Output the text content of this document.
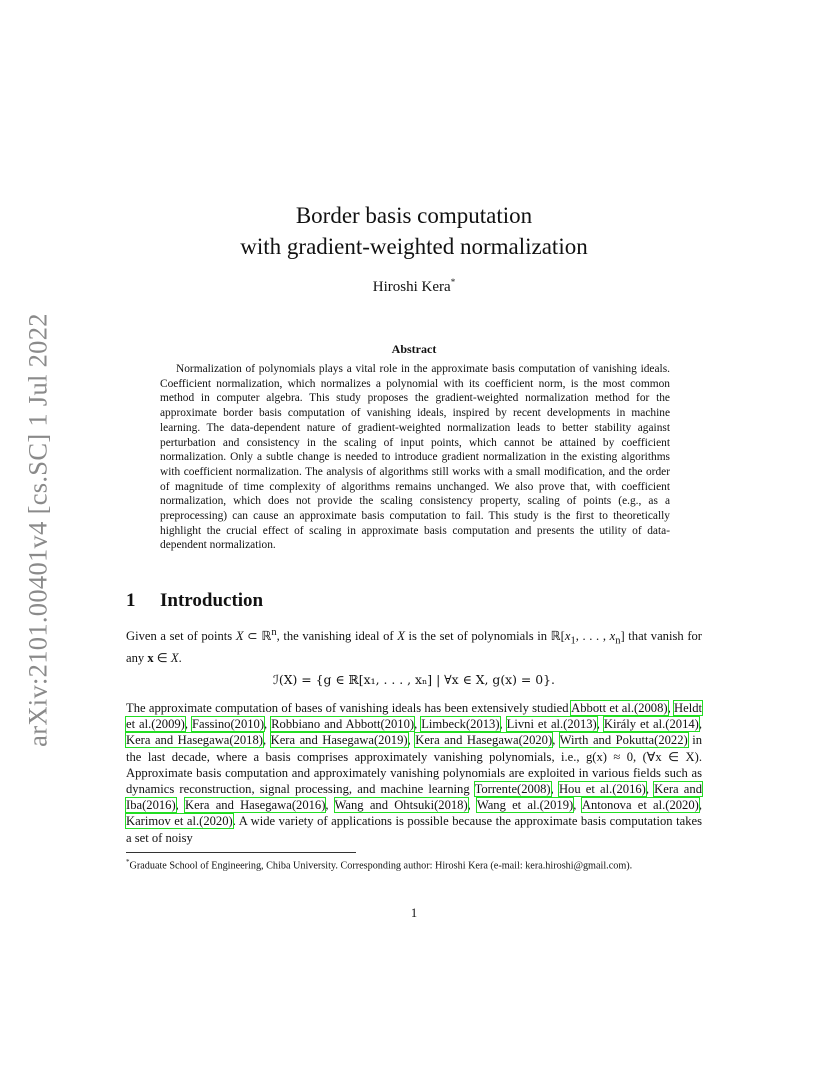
arXiv:2101.00401v4 [cs.SC] 1 Jul 2022
Border basis computation
with gradient-weighted normalization
Hiroshi Kera*
Abstract

Normalization of polynomials plays a vital role in the approximate basis computation of vanishing ideals. Coefficient normalization, which normalizes a polynomial with its coefficient norm, is the most common method in computer algebra. This study proposes the gradient-weighted normalization method for the approximate border basis computation of vanishing ideals, inspired by recent developments in machine learning. The data-dependent nature of gradient-weighted normalization leads to better stability against perturbation and consistency in the scaling of input points, which cannot be attained by coefficient normalization. Only a subtle change is needed to introduce gradient normalization in the existing algorithms with coefficient normalization. The analysis of algorithms still works with a small modification, and the order of magnitude of time complexity of algorithms remains unchanged. We also prove that, with coefficient normalization, which does not provide the scaling consistency property, scaling of points (e.g., as a preprocessing) can cause an approximate basis computation to fail. This study is the first to theoretically highlight the crucial effect of scaling in approximate basis computation and presents the utility of data-dependent normalization.

1 Introduction

Given a set of points X ⊂ ℝ$^n$, the vanishing ideal of X is the set of polynomials in $ℝ[x_1$, . . . , $x_n$] that vanish for any x ∈ X.

ℐ(X) = {g ∈ ℝ[x₁, . . . , xₙ] | ∀x ∈ X, g(x) = 0}.

The approximate computation of bases of vanishing ideals has been extensively studied Abbott et al.(2008), Heldt et al.(2009), Fassino(2010), Robbiano and Abbott(2010), Limbeck(2013), Livni et al.(2013), Király et al.(2014), Kera and Hasegawa(2018), Kera and Hasegawa(2019), Kera and Hasegawa(2020), Wirth and Pokutta(2022) in the last decade, where a basis comprises approximately vanishing polynomials, i.e., g(x) ≈ 0, (∀x ∈ X). Approximate basis computation and approximately vanishing polynomials are exploited in various fields such as dynamics reconstruction, signal processing, and machine learning Torrente(2008), Hou et al.(2016), Kera and Iba(2016), Kera and Hasegawa(2016), Wang and Ohtsuki(2018), Wang et al.(2019), Antonova et al.(2020), Karimov et al.(2020). A wide variety of applications is possible because the approximate basis computation takes a set of noisy

*Graduate School of Engineering, Chiba University. Corresponding author: Hiroshi Kera (e-mail: kera.hiroshi@gmail.com).

1
